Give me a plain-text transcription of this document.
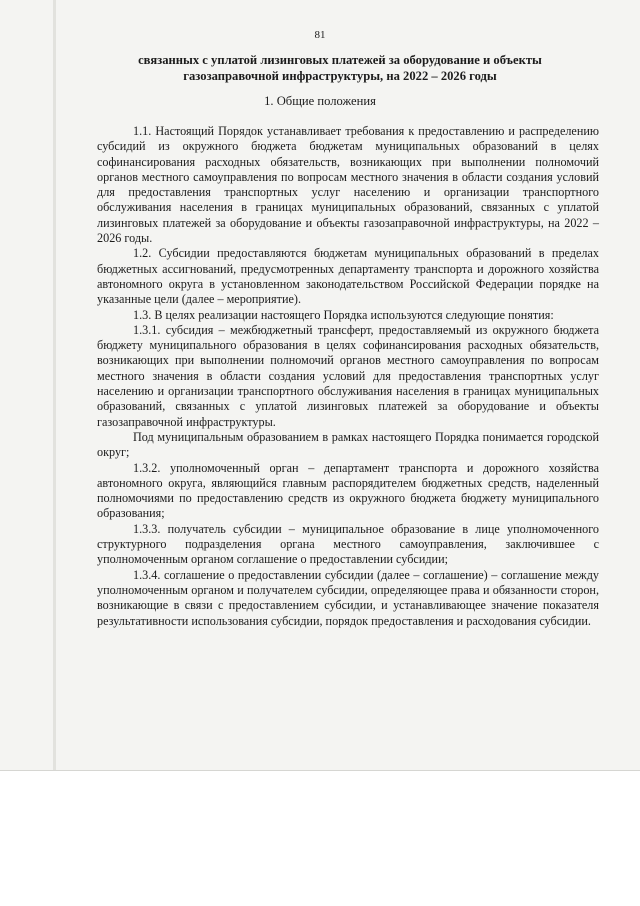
81
связанных с уплатой лизинговых платежей за оборудование и объекты
газозаправочной инфраструктуры, на 2022 – 2026 годы
1. Общие положения

1.1. Настоящий Порядок устанавливает требования к предоставлению и распределению субсидий из окружного бюджета бюджетам муниципальных образований в целях софинансирования расходных обязательств, возникающих при выполнении полномочий органов местного самоуправления по вопросам местного значения в области создания условий для предоставления транспортных услуг населению и организации транспортного обслуживания населения в границах муниципальных образований, связанных с уплатой лизинговых платежей за оборудование и объекты газозаправочной инфраструктуры, на 2022 – 2026 годы.

1.2. Субсидии предоставляются бюджетам муниципальных образований в пределах бюджетных ассигнований, предусмотренных департаменту транспорта и дорожного хозяйства автономного округа в установленном законодательством Российской Федерации порядке на указанные цели (далее – мероприятие).

1.3. В целях реализации настоящего Порядка используются следующие понятия:

1.3.1. субсидия – межбюджетный трансферт, предоставляемый из окружного бюджета бюджету муниципального образования в целях софинансирования расходных обязательств, возникающих при выполнении полномочий органов местного самоуправления по вопросам местного значения в области создания условий для предоставления транспортных услуг населению и организации транспортного обслуживания населения в границах муниципальных образований, связанных с уплатой лизинговых платежей за оборудование и объекты газозаправочной инфраструктуры.

Под муниципальным образованием в рамках настоящего Порядка понимается городской округ;

1.3.2. уполномоченный орган – департамент транспорта и дорожного хозяйства автономного округа, являющийся главным распорядителем бюджетных средств, наделенный полномочиями по предоставлению средств из окружного бюджета бюджету муниципального образования;

1.3.3. получатель субсидии – муниципальное образование в лице уполномоченного структурного подразделения органа местного самоуправления, заключившее с уполномоченным органом соглашение о предоставлении субсидии;

1.3.4. соглашение о предоставлении субсидии (далее – соглашение) – соглашение между уполномоченным органом и получателем субсидии, определяющее права и обязанности сторон, возникающие в связи с предоставлением субсидии, и устанавливающее значение показателя результативности использования субсидии, порядок предоставления и расходования субсидии.
